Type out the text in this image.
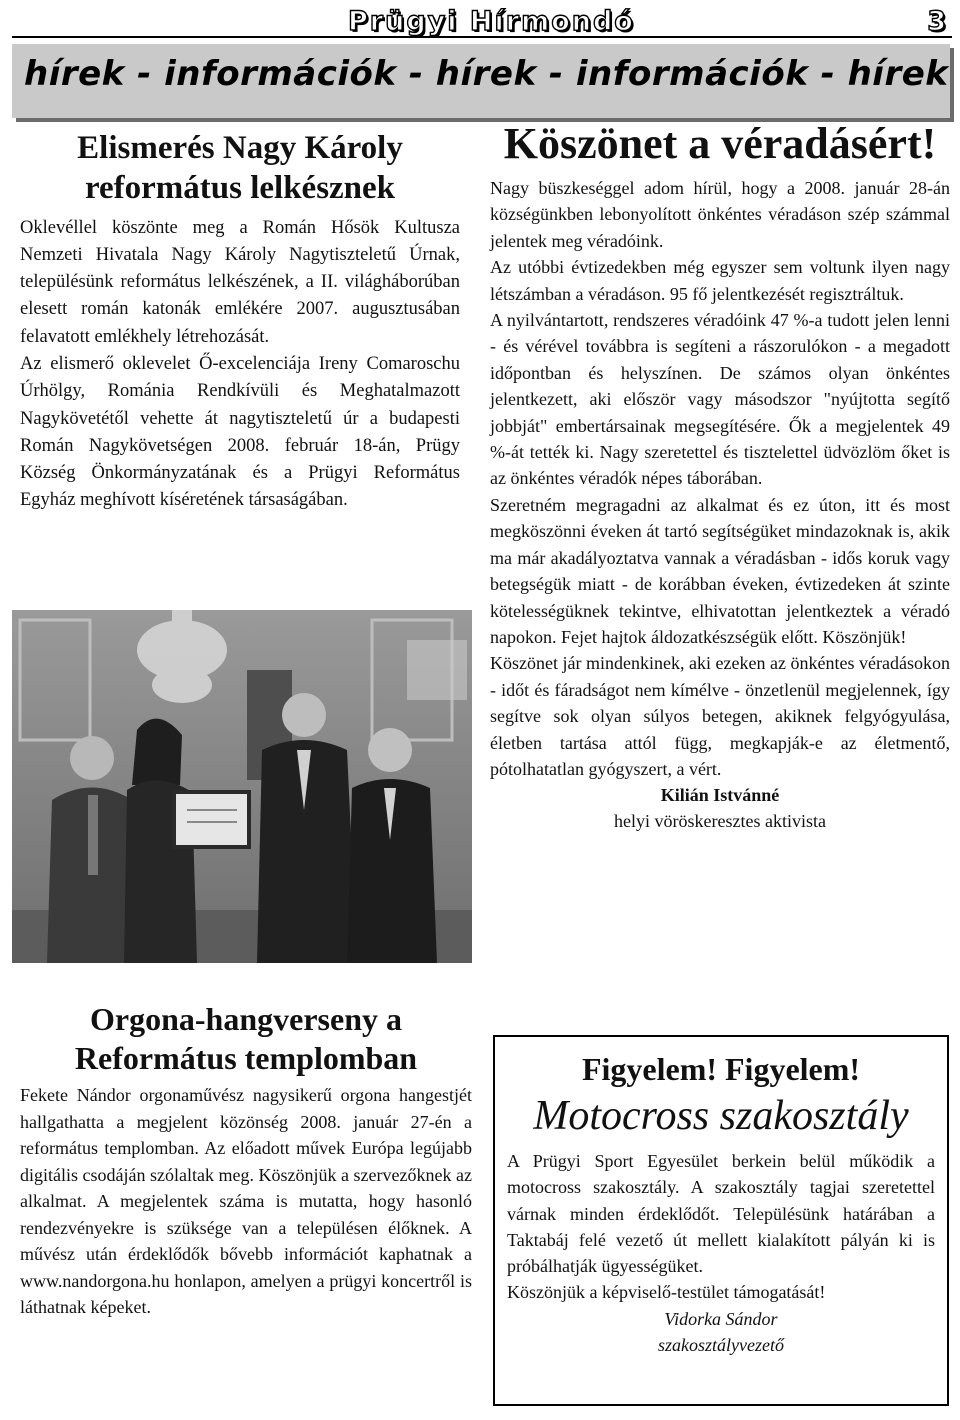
Prügyi Hírmondó	3
hírek - információk - hírek - információk - hírek
Elismerés Nagy Károly
református lelkésznek

Oklevéllel köszönte meg a Román Hősök Kultusza Nemzeti Hivatala Nagy Károly Nagytiszteletű Úrnak, településünk református lelkészének, a II. világháborúban elesett román katonák emlékére 2007. augusztusában felavatott emlékhely létrehozását.

Az elismerő oklevelet Ő-excelenciája Ireny Comaroschu Úrhölgy, Románia Rendkívüli és Meghatalmazott Nagykövetétől vehette át nagytiszteletű úr a budapesti Román Nagykövetségen 2008. február 18-án, Prügy Község Önkormányzatának és a Prügyi Református Egyház meghívott kíséretének társaságában.

Orgona-hangverseny a
Református templomban

Fekete Nándor orgonaművész nagysikerű orgona hangestjét hallgathatta a megjelent közönség 2008. január 27-én a református templomban. Az előadott művek Európa legújabb digitális csodáján szólaltak meg. Köszönjük a szervezőknek az alkalmat. A megjelentek száma is mutatta, hogy hasonló rendezvényekre is szüksége van a településen élőknek. A művész után érdeklődők bővebb információt kaphatnak a www.nandorgona.hu honlapon, amelyen a prügyi koncertről is láthatnak képeket.

Köszönet a véradásért!

Nagy büszkeséggel adom hírül, hogy a 2008. január 28-án községünkben lebonyolított önkéntes véradáson szép számmal jelentek meg véradóink.

Az utóbbi évtizedekben még egyszer sem voltunk ilyen nagy létszámban a véradáson. 95 fő jelentkezését regisztráltuk.

A nyilvántartott, rendszeres véradóink 47 %-a tudott jelen lenni - és vérével továbbra is segíteni a rászorulókon - a megadott időpontban és helyszínen. De számos olyan önkéntes jelentkezett, aki először vagy másodszor "nyújtotta segítő jobbját" embertársainak megsegítésére. Ők a megjelentek 49 %-át tették ki. Nagy szeretettel és tisztelettel üdvözlöm őket is az önkéntes véradók népes táborában.

Szeretném megragadni az alkalmat és ez úton, itt és most megköszönni éveken át tartó segítségüket mindazoknak is, akik ma már akadályoztatva vannak a véradásban - idős koruk vagy betegségük miatt - de korábban éveken, évtizedeken át szinte kötelességüknek tekintve, elhivatottan jelentkeztek a véradó napokon. Fejet hajtok áldozatkészségük előtt. Köszönjük!

Köszönet jár mindenkinek, aki ezeken az önkéntes véradásokon - időt és fáradságot nem kímélve - önzetlenül megjelennek, így segítve sok olyan súlyos betegen, akiknek felgyógyulása, életben tartása attól függ, megkapják-e az életmentő, pótolhatatlan gyógyszert, a vért.

Kilián Istvánné
helyi vöröskeresztes aktivista
Figyelem! Figyelem!
Motocross szakosztály

A Prügyi Sport Egyesület berkein belül működik a motocross szakosztály. A szakosztály tagjai szeretettel várnak minden érdeklődőt. Településünk határában a Taktabáj felé vezető út mellett kialakított pályán ki is próbálhatják ügyességüket.

Köszönjük a képviselő-testület támogatását!

Vidorka Sándor
szakosztályvezető
